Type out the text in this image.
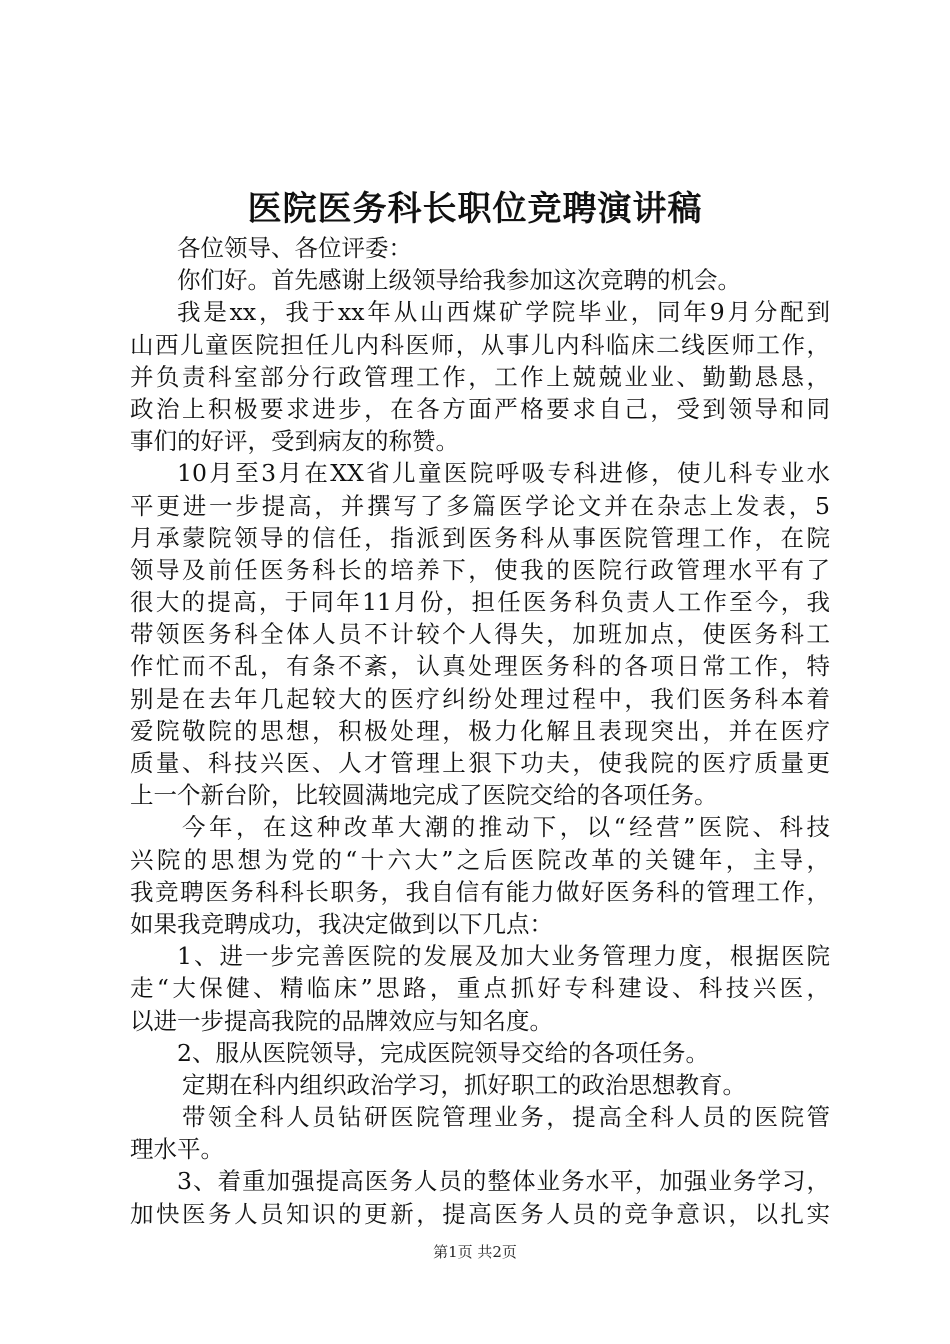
医院医务科长职位竞聘演讲稿
各位领导、各位评委：
你们好。首先感谢上级领导给我参加这次竞聘的机会。
我是xx，我于xx年从山西煤矿学院毕业，同年9月分配到
山西儿童医院担任儿内科医师，从事儿内科临床二线医师工作，
并负责科室部分行政管理工作，工作上兢兢业业、勤勤恳恳，
政治上积极要求进步，在各方面严格要求自己，受到领导和同
事们的好评，受到病友的称赞。
10月至3月在XX省儿童医院呼吸专科进修，使儿科专业水
平更进一步提高，并撰写了多篇医学论文并在杂志上发表，5
月承蒙院领导的信任，指派到医务科从事医院管理工作，在院
领导及前任医务科长的培养下，使我的医院行政管理水平有了
很大的提高，于同年11月份，担任医务科负责人工作至今，我
带领医务科全体人员不计较个人得失，加班加点，使医务科工
作忙而不乱，有条不紊，认真处理医务科的各项日常工作，特
别是在去年几起较大的医疗纠纷处理过程中，我们医务科本着
爱院敬院的思想，积极处理，极力化解且表现突出，并在医疗
质量、科技兴医、人才管理上狠下功夫，使我院的医疗质量更
上一个新台阶，比较圆满地完成了医院交给的各项任务。
今年，在这种改革大潮的推动下，以“经营”医院、科技
兴院的思想为党的“十六大”之后医院改革的关键年，主导，
我竞聘医务科科长职务，我自信有能力做好医务科的管理工作，
如果我竞聘成功，我决定做到以下几点：
1、进一步完善医院的发展及加大业务管理力度，根据医院
走“大保健、精临床”思路，重点抓好专科建设、科技兴医，
以进一步提高我院的品牌效应与知名度。
2、服从医院领导，完成医院领导交给的各项任务。
定期在科内组织政治学习，抓好职工的政治思想教育。
带领全科人员钻研医院管理业务，提高全科人员的医院管
理水平。
3、着重加强提高医务人员的整体业务水平，加强业务学习，
加快医务人员知识的更新，提高医务人员的竞争意识，以扎实
第1页 共2页
